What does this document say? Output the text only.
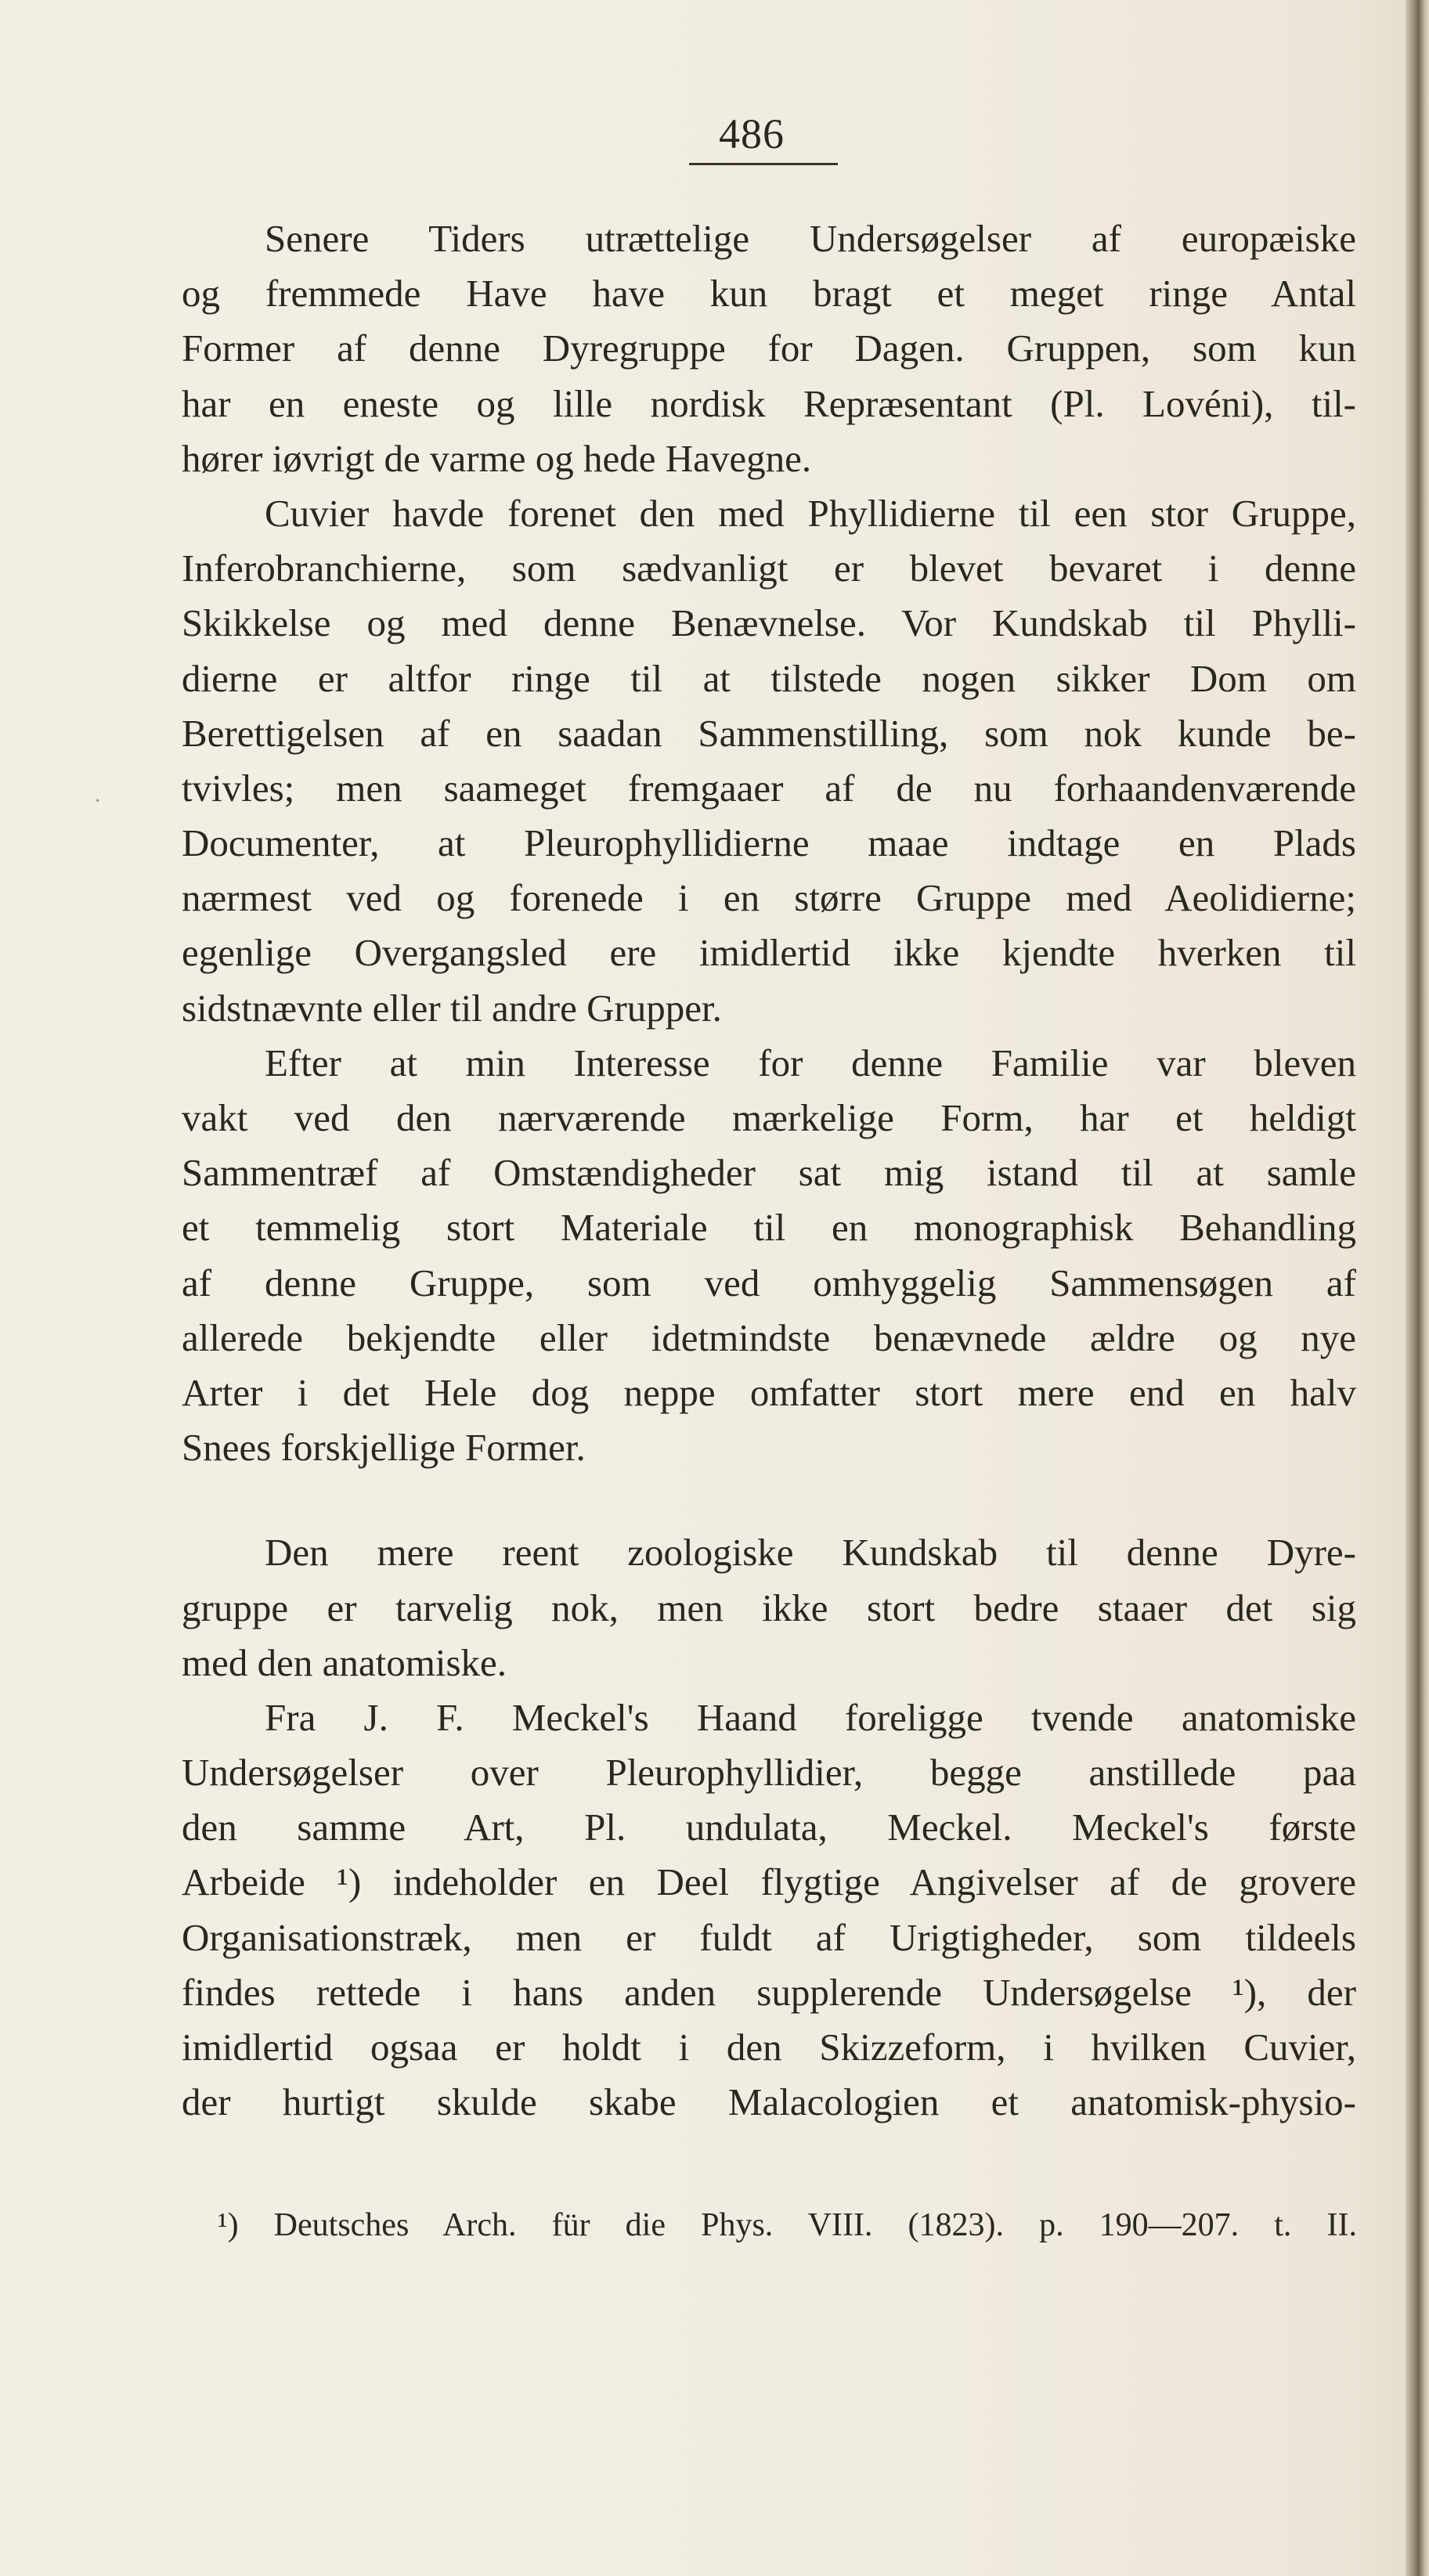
486
·
Senere Tiders utrættelige Undersøgelser af europæiske
og fremmede Have have kun bragt et meget ringe Antal
Former af denne Dyregruppe for Dagen. Gruppen, som kun
har en eneste og lille nordisk Repræsentant (Pl. Lovéni), til-
hører iøvrigt de varme og hede Havegne.
Cuvier havde forenet den med Phyllidierne til een stor Gruppe,
Inferobranchierne, som sædvanligt er blevet bevaret i denne
Skikkelse og med denne Benævnelse. Vor Kundskab til Phylli-
dierne er altfor ringe til at tilstede nogen sikker Dom om
Berettigelsen af en saadan Sammenstilling, som nok kunde be-
tvivles; men saameget fremgaaer af de nu forhaandenværende
Documenter, at Pleurophyllidierne maae indtage en Plads
nærmest ved og forenede i en større Gruppe med Aeolidierne;
egenlige Overgangsled ere imidlertid ikke kjendte hverken til
sidstnævnte eller til andre Grupper.
Efter at min Interesse for denne Familie var bleven
vakt ved den nærværende mærkelige Form, har et heldigt
Sammentræf af Omstændigheder sat mig istand til at samle
et temmelig stort Materiale til en monographisk Behandling
af denne Gruppe, som ved omhyggelig Sammensøgen af
allerede bekjendte eller idetmindste benævnede ældre og nye
Arter i det Hele dog neppe omfatter stort mere end en halv
Snees forskjellige Former.
Den mere reent zoologiske Kundskab til denne Dyre-
gruppe er tarvelig nok, men ikke stort bedre staaer det sig
med den anatomiske.
Fra J. F. Meckel's Haand foreligge tvende anatomiske
Undersøgelser over Pleurophyllidier, begge anstillede paa
den samme Art, Pl. undulata, Meckel. Meckel's første
Arbeide ¹) indeholder en Deel flygtige Angivelser af de grovere
Organisationstræk, men er fuldt af Urigtigheder, som tildeels
findes rettede i hans anden supplerende Undersøgelse ¹), der
imidlertid ogsaa er holdt i den Skizzeform, i hvilken Cuvier,
der hurtigt skulde skabe Malacologien et anatomisk-physio-
¹) Deutsches Arch. für die Phys. VIII. (1823). p. 190—207. t. II.
